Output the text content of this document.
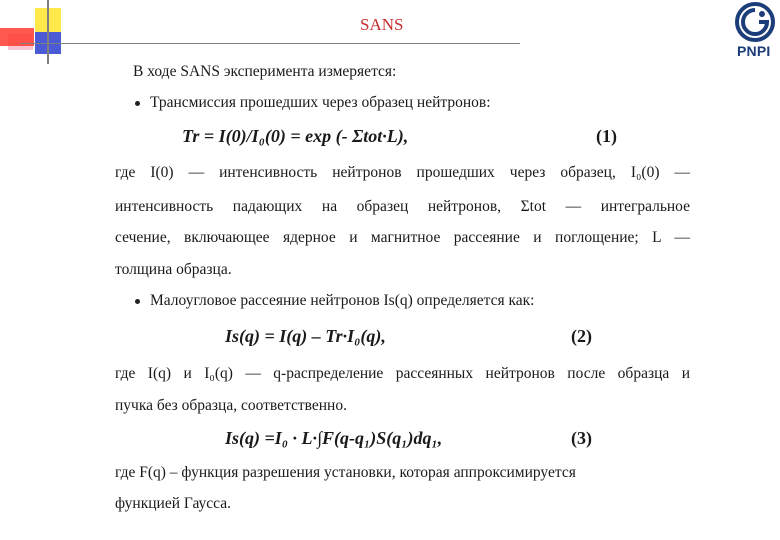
SANS
PNPI
В ходе SANS эксперимента измеряется:
Трансмиссия прошедших через образец нейтронов:
Tr = I(0)/I₀(0) = exp (- Σtot·L),	(1)
где I(0) — интенсивность нейтронов прошедших через образец, I₀(0) —
интенсивность падающих на образец нейтронов, Σtot — интегральное
сечение, включающее ядерное и магнитное рассеяние и поглощение; L —
толщина образца.
Малоугловое рассеяние нейтронов Is(q) определяется как:
Is(q) = I(q) – Tr·I₀(q),	(2)
где I(q) и I₀(q) — q-распределение рассеянных нейтронов после образца и
пучка без образца, соответственно.
Is(q) =I₀ · L·∫F(q-q₁)S(q₁)dq₁,	(3)
где F(q) – функция разрешения установки, которая аппроксимируется
функцией Гаусса.
